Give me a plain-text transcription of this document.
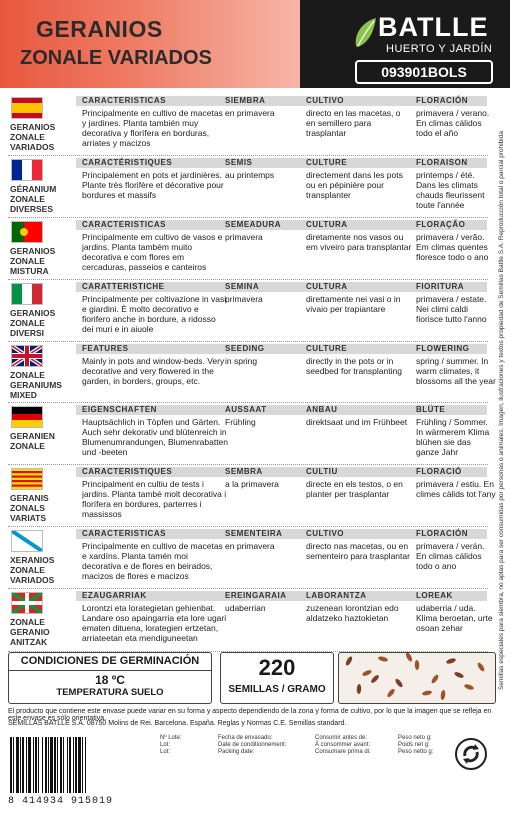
GERANIOS
ZONALE VARIADOS
BATLLE
HUERTO Y JARDÍN
093901BOLS
GERANIOS ZONALE VARIADOS
CARACTERISTICAS
Principalmente en cultivo de macetas y jardines. Planta también muy decorativa y florífera en borduras, arriates y macizos
SIEMBRA
en primavera
CULTIVO
directo en las macetas, o en semillero para trasplantar
FLORACIÓN
primavera / verano. En climas cálidos todo el año
GÉRANIUM ZONALE DIVERSES
CARACTÉRISTIQUES
Principalement en pots et jardinières. Plante très florifère et décorative pour bordures et massifs
SEMIS
au printemps
CULTURE
directement dans les pots ou en pépinière pour transplanter
FLORAISON
printemps / été. Dans les climats chauds fleurissent toute l'année
GERANIOS ZONALE MISTURA
CARACTERISTICAS
Principalmente em cultivo de vasos e jardins. Planta também muito decorativa e com flores em cercaduras, passeios e canteiros
SEMEADURA
primavera
CULTURA
diretamente nos vasos ou em viveiro para transplantar
FLORAÇÃO
primavera / verão. Em climas quentes floresce todo o ano
GERANIOS ZONALE DIVERSI
CARATTERISTICHE
Principalmente per coltivazione in vasi e giardini. È molto decorativo e fiorifero anche in bordure, a ridosso dei muri e in aiuole
SEMINA
primavera
CULTURA
direttamente nei vasi o in vivaio per trapiantare
FIORITURA
primavera / estate. Nei climi caldi fiorisce tutto l'anno
ZONALE GERANIUMS MIXED
FEATURES
Mainly in pots and window-beds. Very decorative and very flowered in the garden, in borders, groups, etc.
SEEDING
in spring
CULTURE
directly in the pots or in seedbed for transplanting
FLOWERING
spring / summer. In warm climates, it blossoms all the year
GERANIEN ZONALE
EIGENSCHAFTEN
Hauptsächlich in Töpfen und Gärten. Auch sehr dekorativ und blütenreich in Blumenumrandungen, Blumenrabatten und -beeten
AUSSAAT
Frühling
ANBAU
direktsaat und im Frühbeet
BLÜTE
Frühling / Sommer. In wärmerem Klima blühen sie das ganze Jahr
GERANIS ZONALS VARIATS
CARACTERISTIQUES
Principalment en cultiu de tests i jardins. Planta també molt decorativa i florífera en bordures, parterres i massissos
SEMBRA
a la primavera
CULTIU
directe en els testos, o en planter per trasplantar
FLORACIÓ
primavera / estiu. En climes càlids tot l'any
XERANIOS ZONALE VARIADOS
CARACTERISTICAS
Principalmente en cultivo de macetas e xardíns. Planta tamén moi decorativa e de flores en beirados, macizos de flores e macizos
SEMENTEIRA
en primavera
CULTIVO
directo nas macetas, ou en sementeiro para trasplantar
FLORACIÓN
primavera / verán. En climas cálidos todo o ano
ZONALE GERANIO ANITZAK
EZAUGARRIAK
Lorontzi eta lorategietan gehienbat. Landare oso apaingarria eta lore ugari ematen dituena, lorategien ertzetan, arriateetan eta mendiguneetan
EREINGARAIA
udaberrian
LABORANTZA
zuzenean lorontzian edo aldatzeko haztokietan
LOREAK
udaberria / uda. Klima beroetan, urte osoan zehar	Semillas especiales para siembra, no aptas para ser consumidas por personas o animales. Imagen, ilustraciones y textos propiedad de Semillas Batlle S.A. Reproducción total o parcial prohibida
CONDICIONES DE GERMINACIÓN
18 ºC
TEMPERATURA SUELO
220
SEMILLAS / GRAMO
El producto que contiene este envase puede variar en su forma y aspecto dependiendo de la zona y forma de cultivo, por lo que la imagen que se refleja en este envase es sólo orientativa.
SEMILLAS BATLLE S.A. 08750 Molins de Rei. Barcelona. España. Reglas y Normas C.E. Semillas standard.
8 414934 915019
Nº Lote:
Lot:
Lot:
Fecha de envasado:
Date de conditionnement:
Packing date:
Consumir antes de:
À consommer avant:
Consumare prima di:
Peso neto g:
Poids net g:
Peso netto g:
